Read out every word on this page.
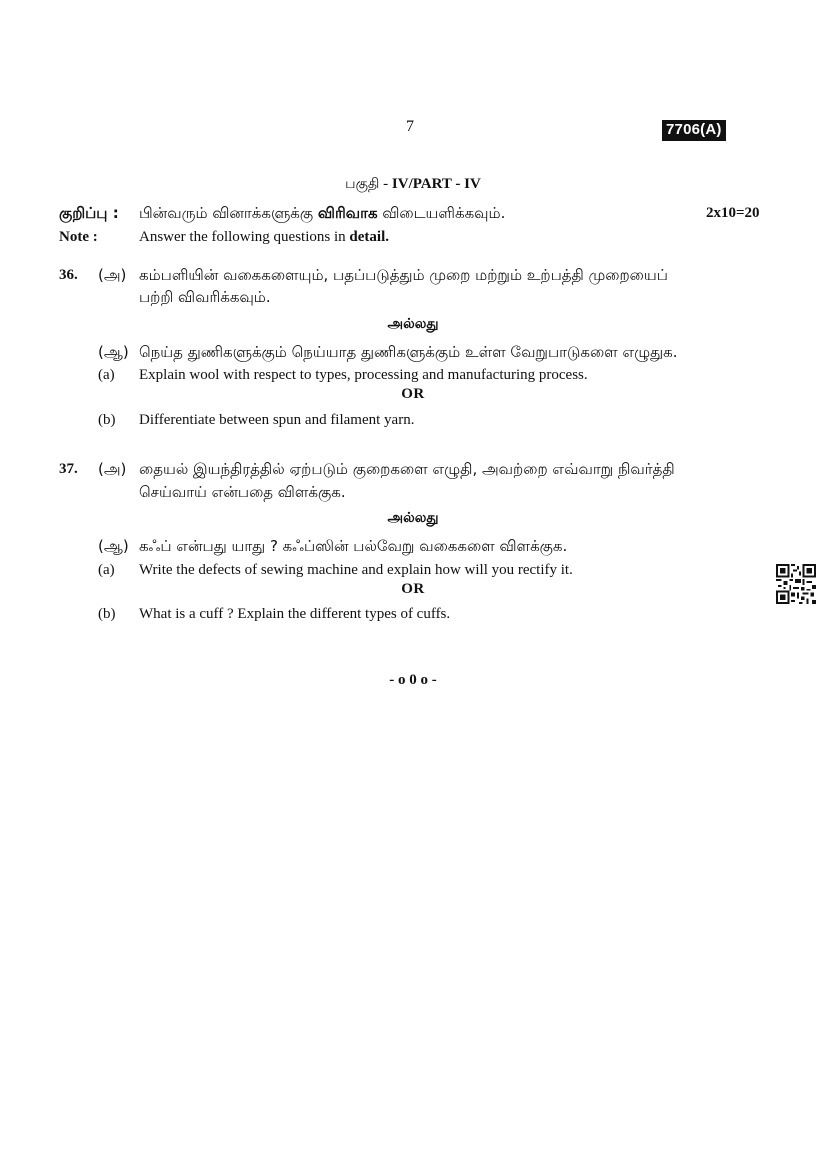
7	7706(A)
பகுதி - IV/PART - IV
குறிப்பு : பின்வரும் வினாக்களுக்கு விரிவாக விடையளிக்கவும்.	2x10=20
Note :	Answer the following questions in detail.
36. (அ) கம்பளியின் வகைகளையும், பதப்படுத்தும் முறை மற்றும் உற்பத்தி முறையைப்
பற்றி விவரிக்கவும்.
அல்லது
(ஆ) நெய்த துணிகளுக்கும் நெய்யாத துணிகளுக்கும் உள்ள வேறுபாடுகளை எழுதுக.
(a) Explain wool with respect to types, processing and manufacturing process.
OR
(b) Differentiate between spun and filament yarn.
37. (அ) தையல் இயந்திரத்தில் ஏற்படும் குறைகளை எழுதி, அவற்றை எவ்வாறு நிவர்த்தி
செய்வாய் என்பதை விளக்குக.
அல்லது
(ஆ) கஃப் என்பது யாது ? கஃப்ஸின் பல்வேறு வகைகளை விளக்குக.
(a) Write the defects of sewing machine and explain how will you rectify it.
OR
(b) What is a cuff ? Explain the different types of cuffs.
- o 0 o -
